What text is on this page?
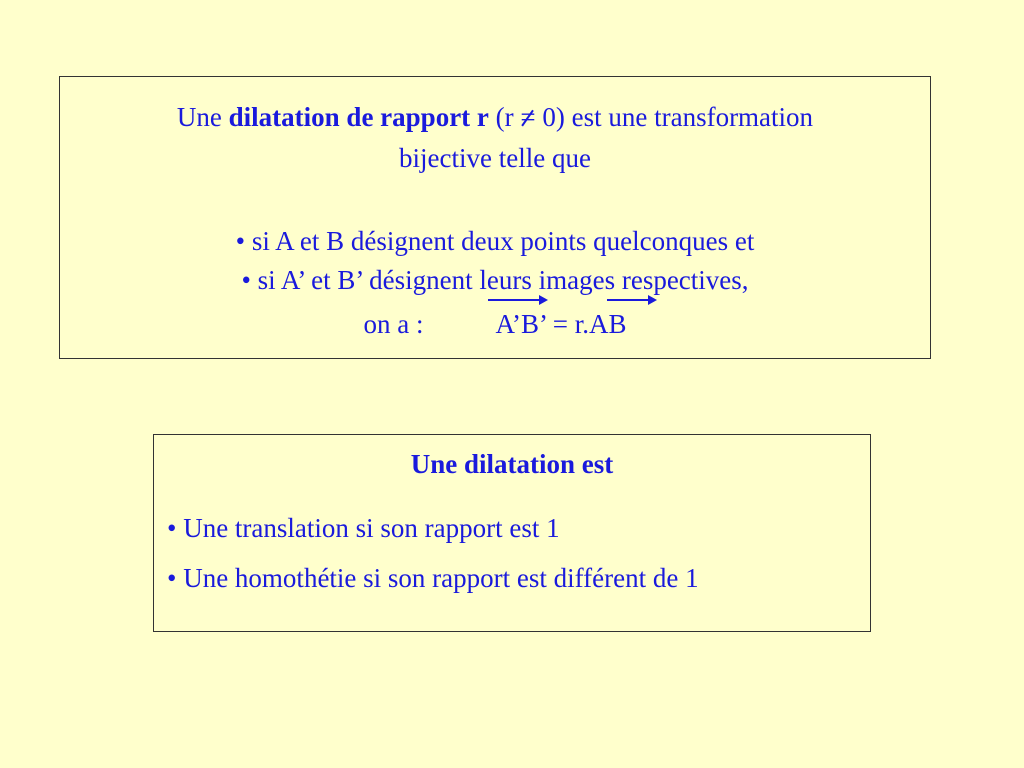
Une dilatation de rapport r (r = 0) est une transformation
bijective telle que
• si A et B désignent deux points quelconques et
• si A’ et B’ désignent leurs images respectives,
on a :	A’B’ = r.AB
Une dilatation est
• Une translation si son rapport est 1
• Une homothétie si son rapport est différent de 1
